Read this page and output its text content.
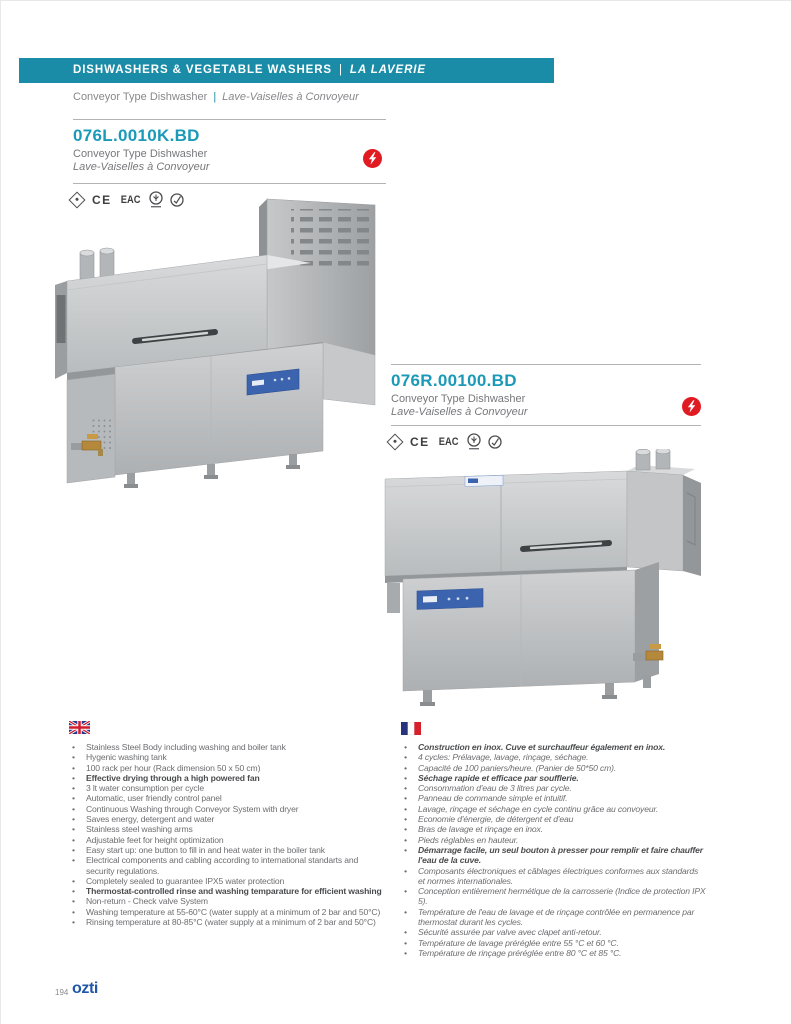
DISHWASHERS & VEGETABLE WASHERS | LA LAVERIE
Conveyor Type Dishwasher | Lave-Vaiselles à Convoyeur
076L.0010K.BD
Conveyor Type Dishwasher
Lave-Vaiselles à Convoyeur
CE EAC
076R.00100.BD
Conveyor Type Dishwasher
Lave-Vaiselles à Convoyeur
CE EAC
•	Stainless Steel Body including washing and boiler tank
•	Hygenic washing tank
•	100 rack per hour (Rack dimension 50 x 50 cm)
•	Effective drying through a high powered fan
•	3 lt water consumption per cycle
•	Automatic, user friendly control panel
•	Continuous Washing through Conveyor System with dryer
•	Saves energy, detergent and water
•	Stainless steel washing arms
•	Adjustable feet for height optimization
•	Easy start up: one button to fill in and heat water in the boiler tank
•	Electrical components and cabling according to international standarts and security regulations.
•	Completely sealed to guarantee IPX5 water protection
•	Thermostat-controlled rinse and washing temparature for efficient washing
•	Non-return - Check valve System
•	Washing temperature at 55-60°C (water supply at a minimum of 2 bar and 50°C)
•	Rinsing temperature at 80-85°C (water supply at a minimum of 2 bar and 50°C)
•	Construction en inox. Cuve et surchauffeur également en inox.
•	4 cycles: Prélavage, lavage, rinçage, séchage.
•	Capacité de 100 paniers/heure. (Panier de 50*50 cm).
•	Séchage rapide et efficace par soufflerie.
•	Consommation d'eau de 3 litres par cycle.
•	Panneau de commande simple et intuitif.
•	Lavage, rinçage et séchage en cycle continu grâce au convoyeur.
•	Economie d'énergie, de détergent et d'eau
•	Bras de lavage et rinçage en inox.
•	Pieds réglables en hauteur.
•	Démarrage facile, un seul bouton à presser pour remplir et faire chauffer l'eau de la cuve.
•	Composants électroniques et câblages électriques conformes aux standards et normes internationales.
•	Conception entièrement hermétique de la carrosserie (Indice de protection IPX 5).
•	Température de l'eau de lavage et de rinçage contrôlée en permanence par thermostat durant les cycles.
•	Sécurité assurée par valve avec clapet anti-retour.
•	Température de lavage préréglée entre 55 °C et 60 °C.
•	Température de rinçage préréglée entre 80 °C et 85 °C.
194 ozti
